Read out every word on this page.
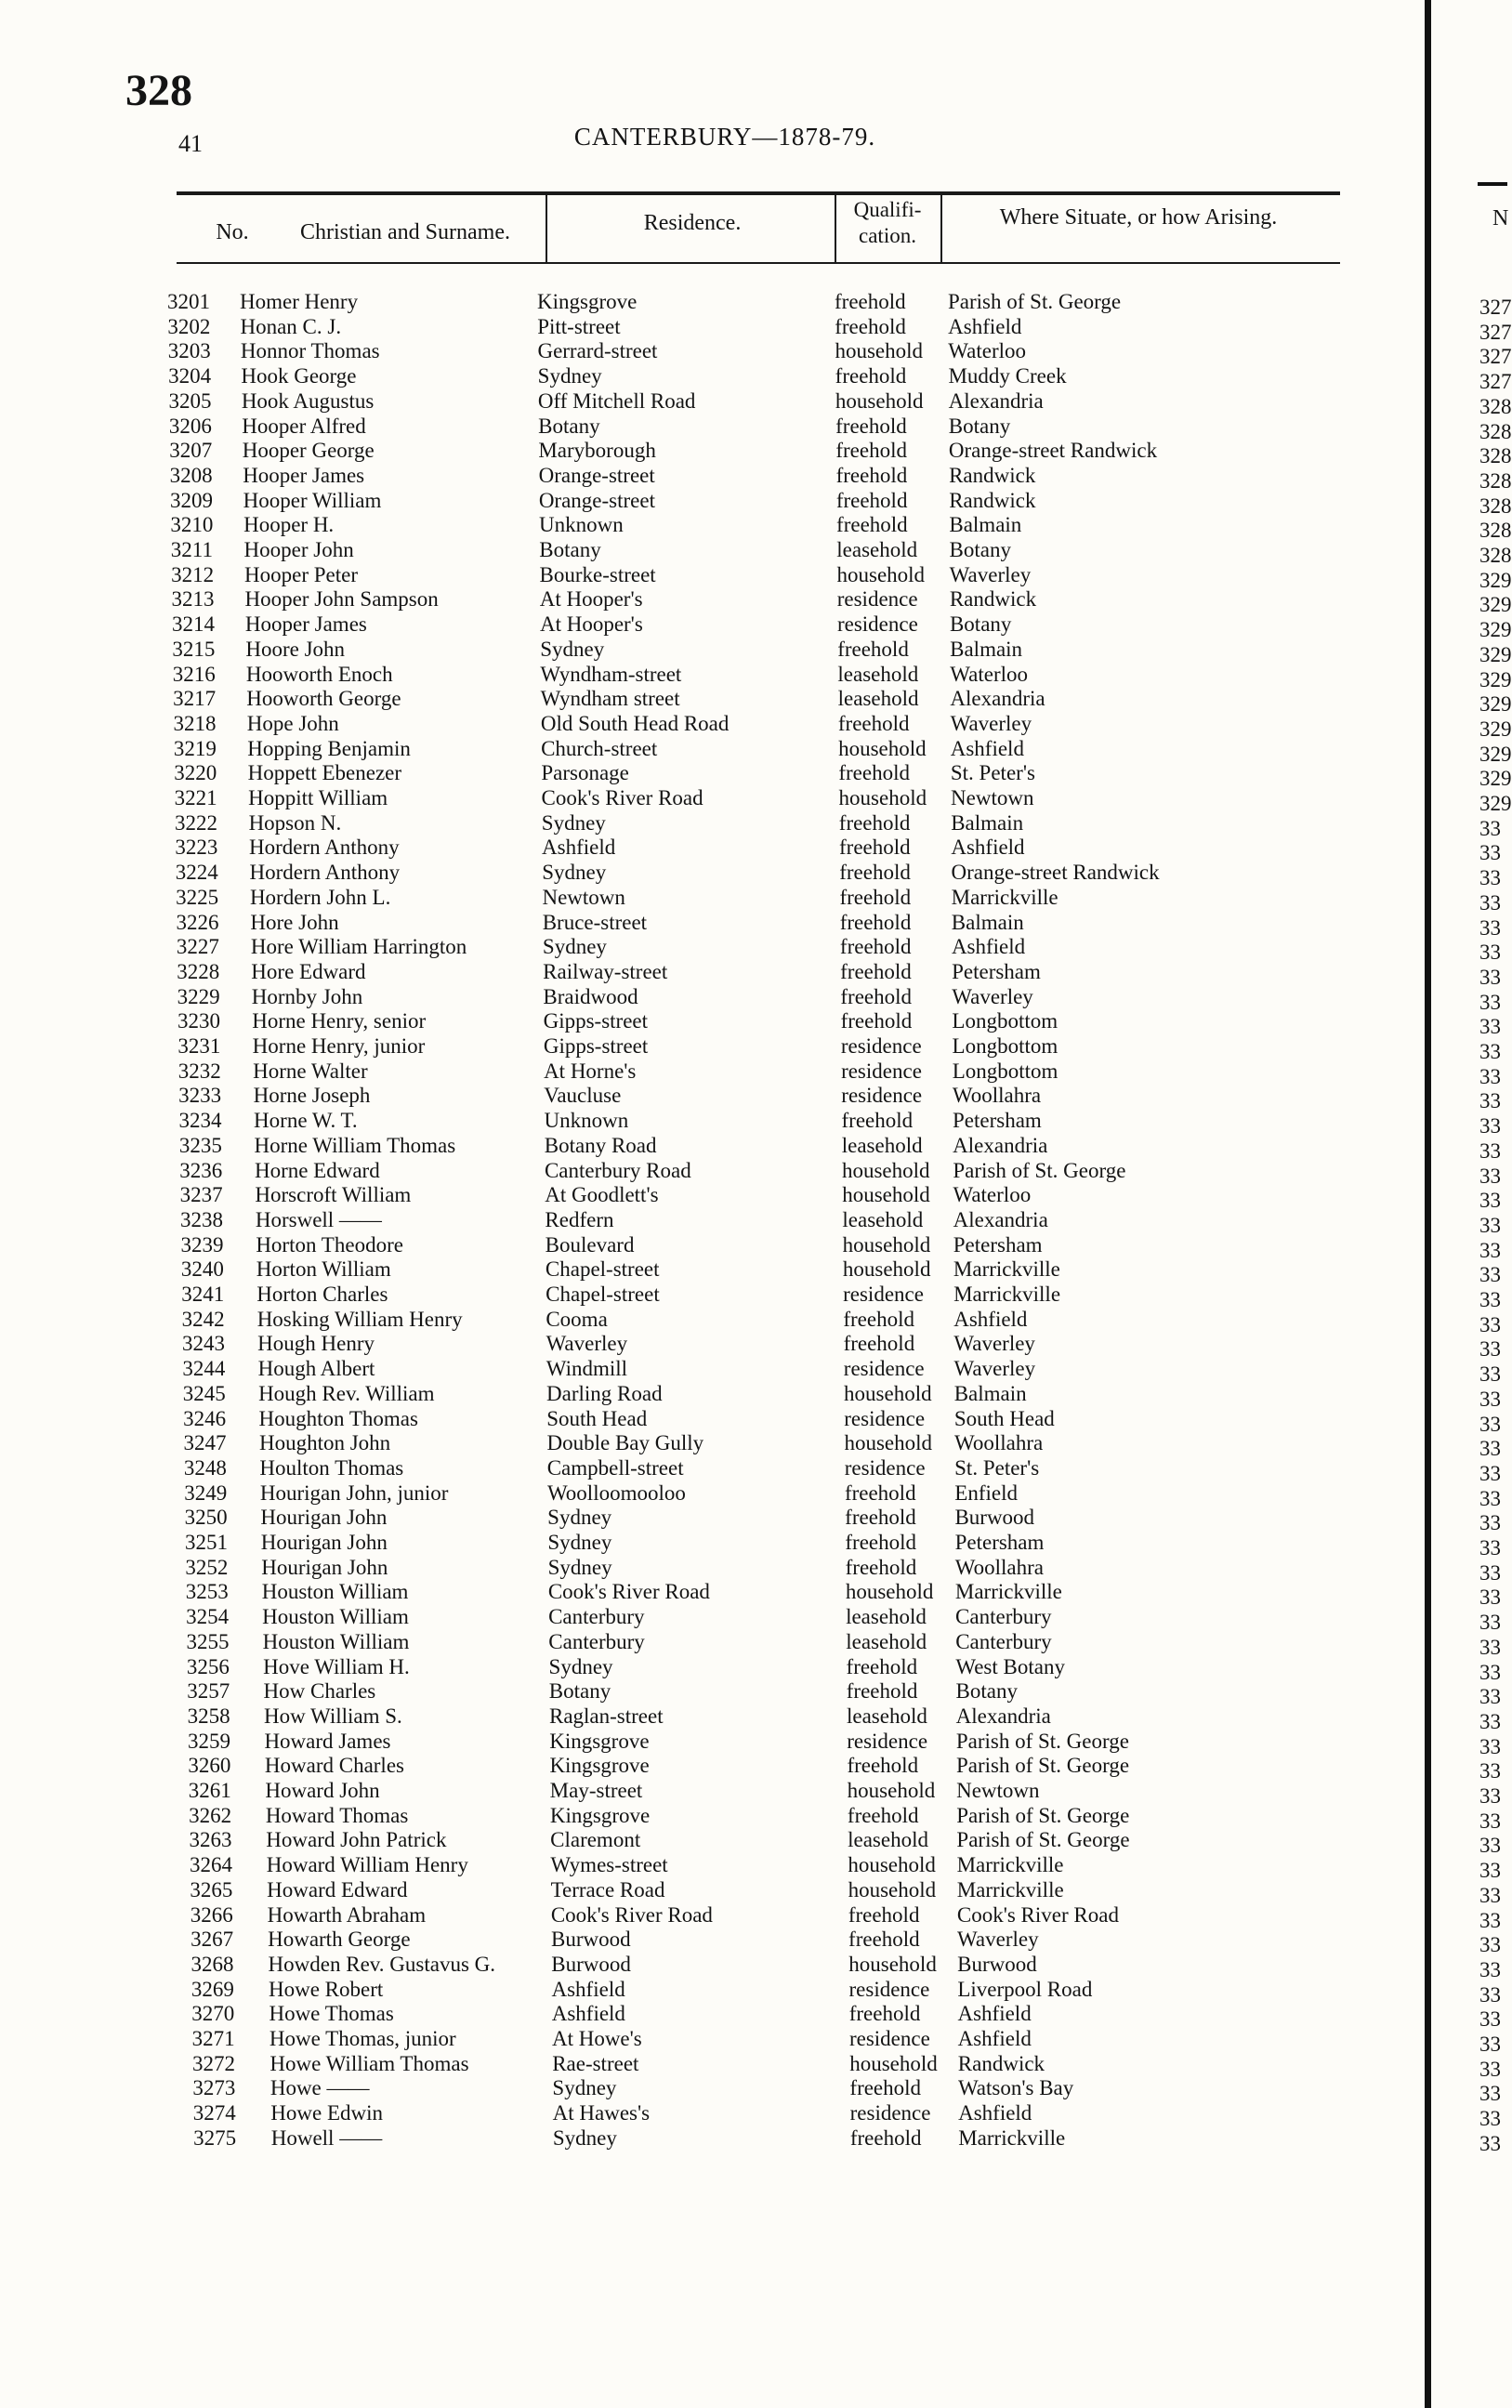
328
41	CANTERBURY—1878-79.
No.	Christian and Surname.	Residence.
Qualifi-
cation.
Where Situate, or how Arising.
3201 Homer Henry	Kingsgrove	freehold Parish of St. George
3202 Honan C. J.	Pitt-street	freehold Ashfield
3203 Honnor Thomas	Gerrard-street	household Waterloo
3204 Hook George	Sydney	freehold Muddy Creek
3205 Hook Augustus	Off Mitchell Road	household Alexandria
3206 Hooper Alfred	Botany	freehold Botany
3207 Hooper George	Maryborough	freehold Orange-street Randwick
3208 Hooper James	Orange-street	freehold Randwick
3209 Hooper William	Orange-street	freehold Randwick
3210 Hooper H.	Unknown	freehold Balmain
3211 Hooper John	Botany	leasehold Botany
3212 Hooper Peter	Bourke-street	household Waverley
3213 Hooper John Sampson	At Hooper's	residence Randwick
3214 Hooper James	At Hooper's	residence Botany
3215 Hoore John	Sydney	freehold Balmain
3216 Hooworth Enoch	Wyndham-street	leasehold Waterloo
3217 Hooworth George	Wyndham street	leasehold Alexandria
3218 Hope John	Old South Head Road	freehold Waverley
3219 Hopping Benjamin	Church-street	household Ashfield
3220 Hoppett Ebenezer	Parsonage	freehold St. Peter's
3221 Hoppitt William	Cook's River Road	household Newtown
3222 Hopson N.	Sydney	freehold Balmain
3223 Hordern Anthony	Ashfield	freehold Ashfield
3224 Hordern Anthony	Sydney	freehold Orange-street Randwick
3225 Hordern John L.	Newtown	freehold Marrickville
3226 Hore John	Bruce-street	freehold Balmain
3227 Hore William Harrington	Sydney	freehold Ashfield
3228 Hore Edward	Railway-street	freehold Petersham
3229 Hornby John	Braidwood	freehold Waverley
3230 Horne Henry, senior	Gipps-street	freehold Longbottom
3231 Horne Henry, junior	Gipps-street	residence Longbottom
3232 Horne Walter	At Horne's	residence Longbottom
3233 Horne Joseph	Vaucluse	residence Woollahra
3234 Horne W. T.	Unknown	freehold Petersham
3235 Horne William Thomas	Botany Road	leasehold Alexandria
3236 Horne Edward	Canterbury Road	household Parish of St. George
3237 Horscroft William	At Goodlett's	household Waterloo
3238 Horswell ——	Redfern	leasehold Alexandria
3239 Horton Theodore	Boulevard	household Petersham
3240 Horton William	Chapel-street	household Marrickville
3241 Horton Charles	Chapel-street	residence Marrickville
3242 Hosking William Henry	Cooma	freehold Ashfield
3243 Hough Henry	Waverley	freehold Waverley
3244 Hough Albert	Windmill	residence Waverley
3245 Hough Rev. William	Darling Road	household Balmain
3246 Houghton Thomas	South Head	residence South Head
3247 Houghton John	Double Bay Gully	household Woollahra
3248 Houlton Thomas	Campbell-street	residence St. Peter's
3249 Hourigan John, junior	Woolloomooloo	freehold Enfield
3250 Hourigan John	Sydney	freehold Burwood
3251 Hourigan John	Sydney	freehold Petersham
3252 Hourigan John	Sydney	freehold Woollahra
3253 Houston William	Cook's River Road	household Marrickville
3254 Houston William	Canterbury	leasehold Canterbury
3255 Houston William	Canterbury	leasehold Canterbury
3256 Hove William H.	Sydney	freehold West Botany
3257 How Charles	Botany	freehold Botany
3258 How William S.	Raglan-street	leasehold Alexandria
3259 Howard James	Kingsgrove	residence Parish of St. George
3260 Howard Charles	Kingsgrove	freehold Parish of St. George
3261 Howard John	May-street	household Newtown
3262 Howard Thomas	Kingsgrove	freehold Parish of St. George
3263 Howard John Patrick	Claremont	leasehold Parish of St. George
3264 Howard William Henry	Wymes-street	household Marrickville
3265 Howard Edward	Terrace Road	household Marrickville
3266 Howarth Abraham	Cook's River Road	freehold Cook's River Road
3267 Howarth George	Burwood	freehold Waverley
3268 Howden Rev. Gustavus G.	Burwood	household Burwood
3269 Howe Robert	Ashfield	residence Liverpool Road
3270 Howe Thomas	Ashfield	freehold Ashfield
3271 Howe Thomas, junior	At Howe's	residence Ashfield
3272 Howe William Thomas	Rae-street	household Randwick
3273 Howe ——	Sydney	freehold Watson's Bay
3274 Howe Edwin	At Hawes's	residence Ashfield
3275 Howell ——	Sydney	freehold Marrickville
N
327
327
327
327
328
328
328
328
328
328
328
329
329
329
329
329
329
329
329
329
329
33
33
33
33
33
33
33
33
33
33
33
33
33
33
33
33
33
33
33
33
33
33
33
33
33
33
33
33
33
33
33
33
33
33
33
33
33
33
33
33
33
33
33
33
33
33
33
33
33
33
33
33
33
33
